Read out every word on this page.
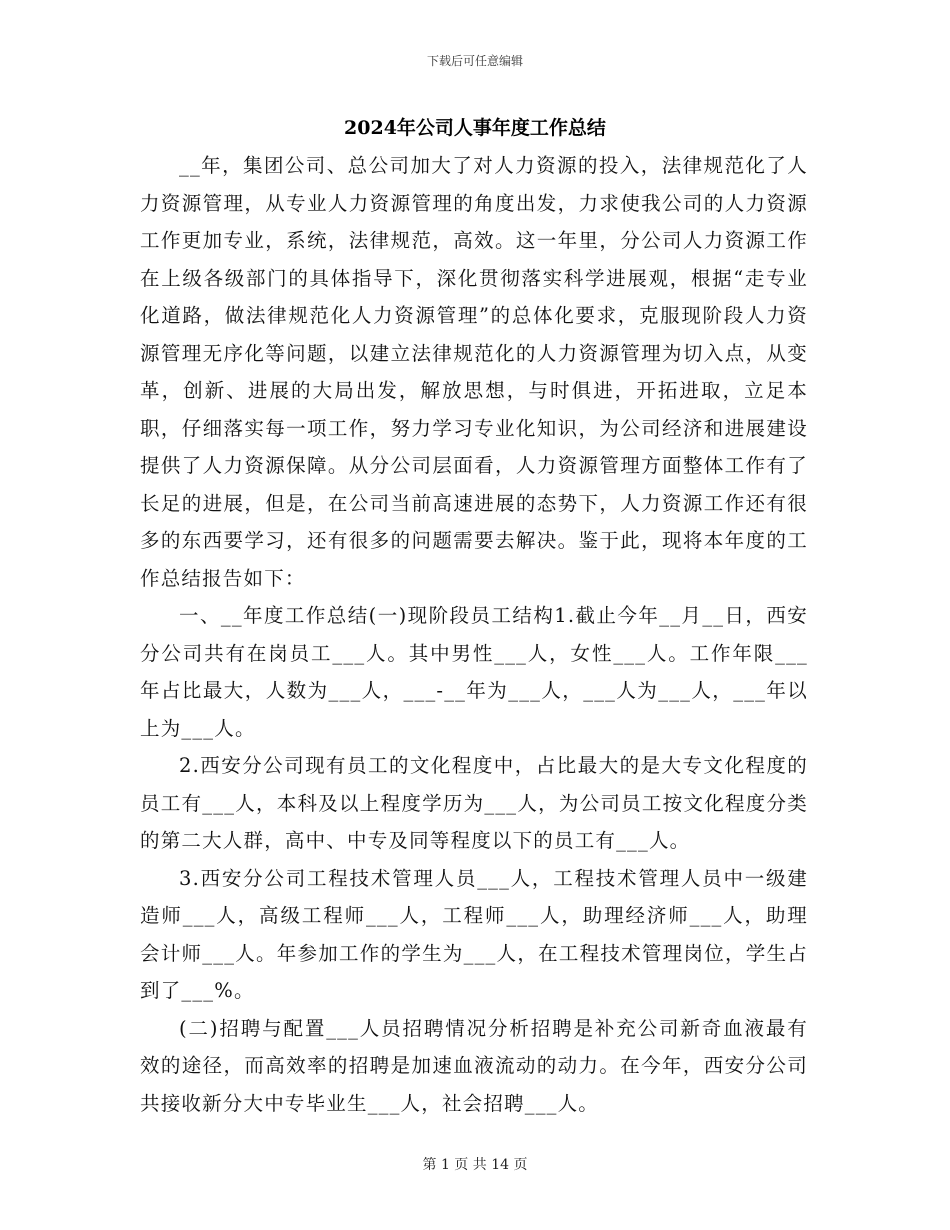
下载后可任意编辑
2024年公司人事年度工作总结

__年，集团公司、总公司加大了对人力资源的投入，法律规范化了人力资源管理，从专业人力资源管理的角度出发，力求使我公司的人力资源工作更加专业，系统，法律规范，高效。这一年里，分公司人力资源工作在上级各级部门的具体指导下，深化贯彻落实科学进展观，根据“走专业化道路，做法律规范化人力资源管理”的总体化要求，克服现阶段人力资源管理无序化等问题，以建立法律规范化的人力资源管理为切入点，从变革，创新、进展的大局出发，解放思想，与时俱进，开拓进取，立足本职，仔细落实每一项工作，努力学习专业化知识，为公司经济和进展建设提供了人力资源保障。从分公司层面看，人力资源管理方面整体工作有了长足的进展，但是，在公司当前高速进展的态势下，人力资源工作还有很多的东西要学习，还有很多的问题需要去解决。鉴于此，现将本年度的工作总结报告如下：

一、__年度工作总结(一)现阶段员工结构1.截止今年__月__日，西安分公司共有在岗员工___人。其中男性___人，女性___人。工作年限___年占比最大，人数为___人，___-__年为___人，___人为___人，___年以上为___人。

2.西安分公司现有员工的文化程度中，占比最大的是大专文化程度的员工有___人，本科及以上程度学历为___人，为公司员工按文化程度分类的第二大人群，高中、中专及同等程度以下的员工有___人。

3.西安分公司工程技术管理人员___人，工程技术管理人员中一级建造师___人，高级工程师___人，工程师___人，助理经济师___人，助理会计师___人。年参加工作的学生为___人，在工程技术管理岗位，学生占到了___%。

(二)招聘与配置___人员招聘情况分析招聘是补充公司新奇血液最有效的途径，而高效率的招聘是加速血液流动的动力。在今年，西安分公司共接收新分大中专毕业生___人，社会招聘___人。

第 1 页 共 14 页
